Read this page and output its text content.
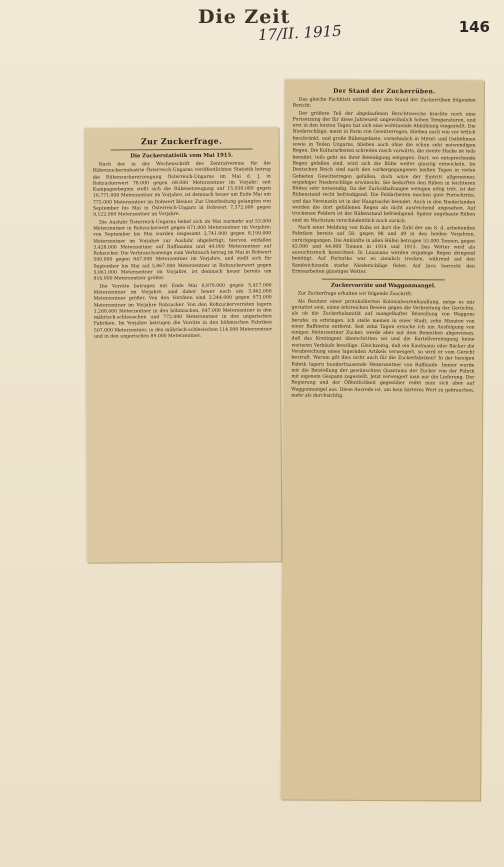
Die Zeit
17/II. 1915	146
Zur Zuckerfrage.
Die Zuckerstatistik vom Mai 1915.

Nach der in der Wochenschrift des Zentralvereins für die Rübenzuckerindustrie Österreich-Ungarns veröffentlichten Statistik betrug die Rübenzuckererzeugung Österreich-Ungarns im Mai d. J. in Rohzuckerwert 78.000 gegen 68.000 Meterzentner im Vorjahr; seit Kampagnebeginn stellt sich die Rübenerzeugung auf 15,930.000 gegen 16,771.000 Meterzentner im Vorjahre, ist demnach heuer um Ende Mai um 775.000 Meterzentner im Rohwert kleiner. Zur Umarbeitung gelangten von September bis Mai in Österreich-Ungarn in Rohwert 7,372.000 gegen 9,122.000 Meterzentner im Vorjahre.

Die Ausfuhr Österreich-Ungarns belief sich im Mai nurmehr auf 53.000 Meterzentner in Rohzuckerwert gegen 671.000 Meterzentner im Vorjahre; von September bis Mai wurden insgesamt 2,741.000 gegen 8,199.000 Meterzentner im Vorjahre zur Ausfuhr abgefertigt; hiervon entfallen 3,428.000 Meterzentner auf Raffinaden und 44.000 Meterzentner auf Rohzucker. Die Verbrauchsmenge zum Verbrauch betrug im Mai in Rohwert 500.000 gegen 847.000 Meterzentner im Vorjahre, und stellt sich für September bis Mai auf 5,867.000 Meterzentner in Rohzuckerwert gegen 5,061.000 Meterzentner im Vorjahre, ist demnach heuer bereits um 816.000 Meterzentner größer.

Die Vorräte betrugen mit Ende Mai 6,879.000 gegen 5,417.000 Meterzentner im Vorjahre, sind daher heuer noch um 3,462.000 Meterzentner größer. Von den Vorräten sind 3,244.000 gegen 973.000 Meterzentner im Vorjahre Rohzucker. Von den Rohzuckervorräten lagern 1,268.000 Meterzentner in den böhmischen, 647.000 Meterzentner in den mährisch-schlesischen und 772.000 Meterzentner in den ungarischen Fabriken. Im Vorjahre betrugen die Vorräte in den böhmischen Fabriken 507.000 Meterzentner, in den mährisch-schlesischen 114.000 Meterzentner und in den ungarischen 89.000 Meterzentner.

Der Stand der Zuckerrüben.

Das gleiche Fachblatt enthält über den Stand der Zuckerrüben folgenden Bericht:

Der größere Teil der abgelaufenen Berichtswoche brachte noch eine Fortsetzung der für diese Jahreszeit ungewöhnlich hohen Temperaturen, und erst in den letzten Tagen hat sich eine wohltuende Abkühlung eingestellt. Die Niederschläge, meist in Form von Gewitterregen, blieben nach wie vor örtlich beschränkt, und große Rübengebiete, vornehmlich in Mittel- und Ostböhmen sowie in Teilen Ungarns, blieben auch ohne die schon sehr notwendigen Regen. Die Kulturarbeiten schreiten rasch vorwärts, die zweite Hacke ist teils beendet, teils geht sie ihrer Beendigung entgegen. Dort, wo entsprechende Regen gefallen sind, wird sich die Rübe weiter günstig entwickeln. Im Deutschen Reich sind nach den vorhergegangenen heißen Tagen in vielen Gebieten Gewitterregen gefallen, doch wäre der Eintritt allgemeiner, ergiebiger Niederschläge erwünscht. Sie bedurften den Rüben in leichteren Böden sehr notwendig. Da der Zurückhaltungen wenigen nötig tritt, ist der Rübenstand recht befriedigend. Die Feldarbeiten machen gute Fortschritte, und das Vereinzeln ist in der Hauptsache beendet. Auch in den Niederlanden werden die dort gefallenen Regen als nicht ausreichend angesehen. Auf trockenen Feldern ist der Rübenstand befriedigend. Später angebaute Rüben sind im Wachstum verschiedentlich noch zurück.

Nach einer Meldung von Kuba ist dort die Zahl der am 8. d. arbeitenden Fabriken bereits auf 58, gegen 98 und 49 in den beiden Vorjahren, zurückgegangen. Die Ankünfte in allen Häfen betrugen 55.000 Tonnen, gegen 42.000 und 44.000 Tonnen in 1914 und 1913. Das Wetter wird als aussichtsreich bezeichnet. In Louisiana werden ergiebige Regen dringend benötigt. Auf Portoriko war es ziemlich trocken, während auf den Sandwichinseln starke Niederschläge fielen. Auf Java herrscht den Erntearbeiten günstiges Wetter.

Zuckervorräte und Waggonmangel.

Zur Zuckerfrage erhalten wir folgende Zuschrift:

Als Besitzer einer protokollierten Kolonialwarenhandlung, möge es mir gestattet sein, einen lehrreichen Beweis gegen die Verbreitung der Gerüchte, als ob die Zuckerkalamität auf mangelhafter Beistellung von Waggons beruhe, zu erbringen. Ich stelle meinen in einer Stadt, zehn Minuten von einer Raffinerie entfernt. Seit zehn Tagen ersuche ich um Ausfolgung von einigen Meterzentner Zucker, werde aber mit dem Bemerken abgewiesen, daß das Kontingent überschritten sei und die Kartellvereinigung keine weiteren Verkäufe bewillige. Gleichzeitig, daß ein Kaufmann oder Bäcker die Verabreichung eines lagernden Artikels verweigert, so wird er vom Gericht bestraft. Warum gilt dies nicht auch für die Zuckerfabriken? In der hiesigen Fabrik lagern hunderttausende Meterzentner von Raffinade. Immer wurde mir die Beistellung der gewünschten Quantums der Zucker von der Fabrik mit eigenem Gespann zugestellt. Jetzt verweigert man mir die Lieferung. Der Regierung und der Öffentlichkeit gegenüber redet man sich aber auf Waggonmangel aus. Diese Ausrede ist, um kein härteres Wort zu gebrauchen, mehr als durchsichtig.
